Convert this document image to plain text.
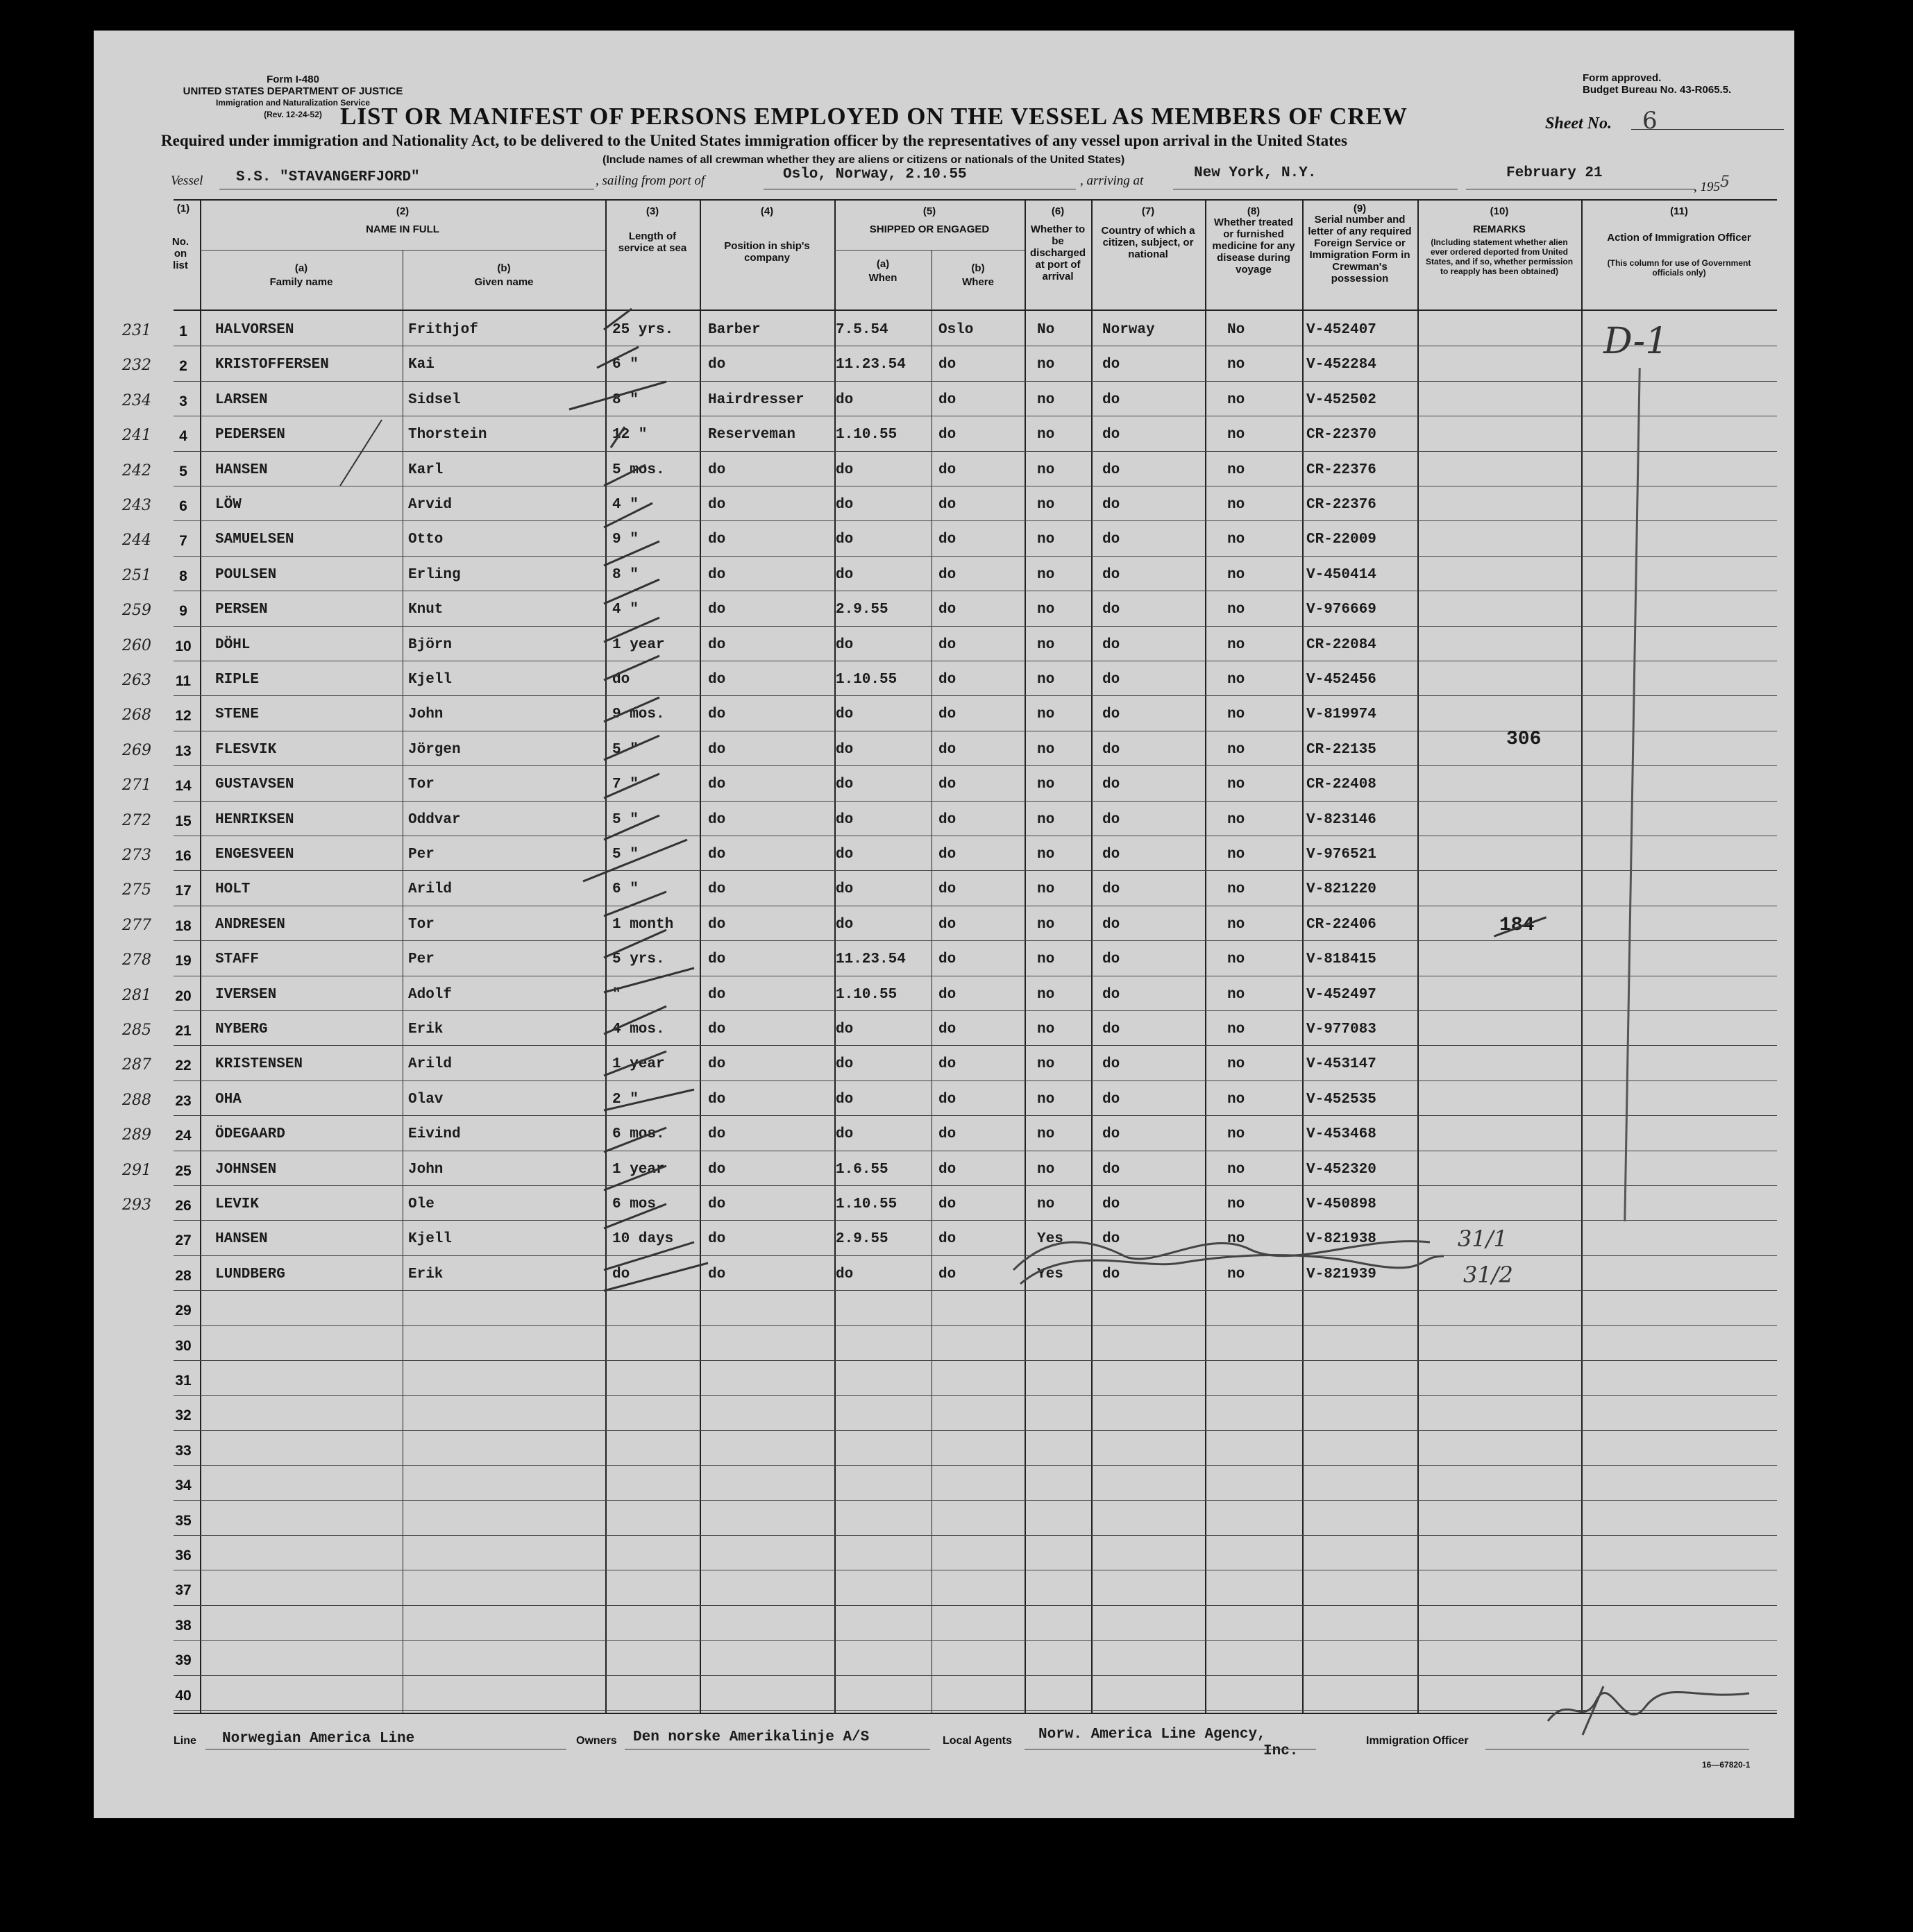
Form I-480
UNITED STATES DEPARTMENT OF JUSTICE
Immigration and Naturalization Service
(Rev. 12-24-52)
Form approved.
Budget Bureau No. 43-R065.5.
LIST OR MANIFEST OF PERSONS EMPLOYED ON THE VESSEL AS MEMBERS OF CREW	Sheet No. 6
Required under immigration and Nationality Act, to be delivered to the United States immigration officer by the representatives of any vessel upon arrival in the United States
(Include names of all crewman whether they are aliens or citizens or nationals of the United States)
Vessel S.S. "STAVANGERFJORD"	, sailing from port of	Oslo, Norway, 2.10.55	, arriving at	New York, N.Y.	February 21
, 1955
(1)
No. on list
(2)
NAME IN FULL
(a)
Family name
(b)
Given name
(3)
Length of service at sea
(4)
Position in ship's company
(5)
SHIPPED OR ENGAGED
(a)
When
(b)
Where
(6)
Whether to be discharged at port of arrival
(7)
Country of which a citizen, subject, or national
(8)
Whether treated or furnished medicine for any disease during voyage
(9)
Serial number and letter of any required Foreign Service or Immigration Form in Crewman's possession
(10)
REMARKS
(Including statement whether alien ever ordered deported from United States, and if so, whether permission to reapply has been obtained)
(11)
Action of Immigration Officer
(This column for use of Government officials only)
1
231	HALVORSEN	Frithjof	25 yrs. Barber	7.5.54	Oslo	No	Norway	No	V-452407
2
232	KRISTOFFERSEN	Kai	6 "	do	11.23.54 do	no	do	no	V-452284
3
234	LARSEN	Sidsel	8 "	Hairdresser do	do	no	do	no	V-452502
4
241	PEDERSEN	Thorstein	12 "	Reserveman	1.10.55	do	no	do	no	CR-22370
5
242	HANSEN	Karl	5 mos.	do	do	do	no	do	no	CR-22376
6
243	LÖW	Arvid	4 "	do	do	do	no	do	no	CR-22376
7
244	SAMUELSEN	Otto	9 "	do	do	do	no	do	no	CR-22009
8
251	POULSEN	Erling	8 "	do	do	do	no	do	no	V-450414
9
259	PERSEN	Knut	4 "	do	2.9.55	do	no	do	no	V-976669
10
260	DÖHL	Björn	1 year	do	do	do	no	do	no	CR-22084
11
263	RIPLE	Kjell	do	do	1.10.55	do	no	do	no	V-452456
12
268	STENE	John	9 mos.	do	do	do	no	do	no	V-819974
13
269	FLESVIK	Jörgen	5 "	do	do	do	no	do	no	CR-22135
14
271	GUSTAVSEN	Tor	7 "	do	do	do	no	do	no	CR-22408
15
272	HENRIKSEN	Oddvar	5 "	do	do	do	no	do	no	V-823146
16
273	ENGESVEEN	Per	5 "	do	do	do	no	do	no	V-976521
17
275	HOLT	Arild	6 "	do	do	do	no	do	no	V-821220
18
277	ANDRESEN	Tor	1 month do	do	do	no	do	no	CR-22406
19
278	STAFF	Per	5 yrs.	do	11.23.54 do	no	do	no	V-818415
20
281	IVERSEN	Adolf	"	do	1.10.55	do	no	do	no	V-452497
21
285	NYBERG	Erik	4 mos.	do	do	do	no	do	no	V-977083
22
287	KRISTENSEN	Arild	1 year	do	do	do	no	do	no	V-453147
23
288	OHA	Olav	2 "	do	do	do	no	do	no	V-452535
24
289	ÖDEGAARD	Eivind	6 mos.	do	do	do	no	do	no	V-453468
25
291	JOHNSEN	John	1 year	do	1.6.55	do	no	do	no	V-452320
26
293	LEVIK	Ole	6 mos.	do	1.10.55	do	no	do	no	V-450898
27	HANSEN	Kjell	10 days do	2.9.55	do	Yes	do	no	V-821938
28	LUNDBERG	Erik	do	do	do	do	Yes	do	no	V-821939
29
30
31
32
33
34
35
36
37
38
39
40
D-1
306
184
31/1
31/2
Line Norwegian America Line	Owners Den norske Amerikalinje A/S	Local Agents Norw. America Line Agency,
Inc.
Immigration Officer
16—67820-1
